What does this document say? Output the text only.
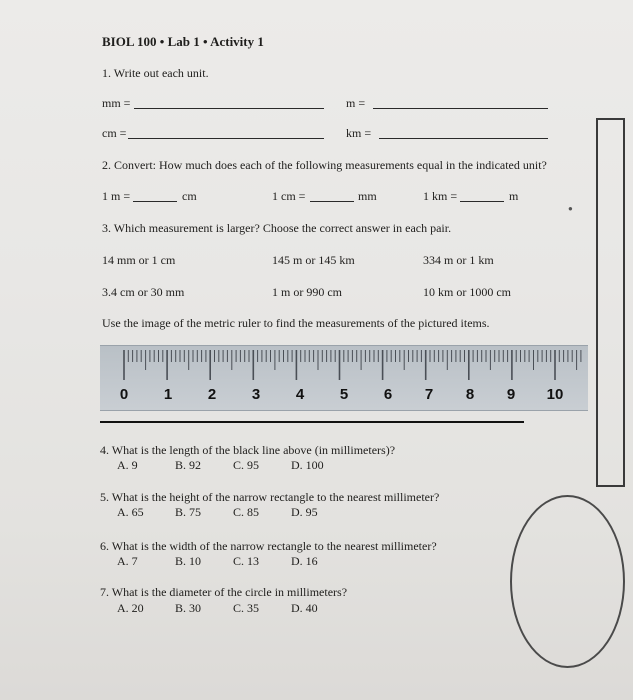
BIOL 100 • Lab 1 • Activity 1
1. Write out each unit.
mm =	m =
cm =	km =
2. Convert: How much does each of the following measurements equal in the indicated unit?
1 m =	cm	1 cm =	mm	1 km =	m
●
3. Which measurement is larger? Choose the correct answer in each pair.
14 mm or 1 cm	145 m or 145 km	334 m or 1 km
3.4 cm or 30 mm	1 m or 990 cm	10 km or 1000 cm
Use the image of the metric ruler to find the measurements of the pictured items.
0 1 2 3 4 5 6 7 8 9 10
4. What is the length of the black line above (in millimeters)?
A. 9	B. 92	C. 95	D. 100
5. What is the height of the narrow rectangle to the nearest millimeter?
A. 65	B. 75	C. 85	D. 95
6. What is the width of the narrow rectangle to the nearest millimeter?
A. 7	B. 10	C. 13	D. 16
7. What is the diameter of the circle in millimeters?
A. 20	B. 30	C. 35	D. 40
